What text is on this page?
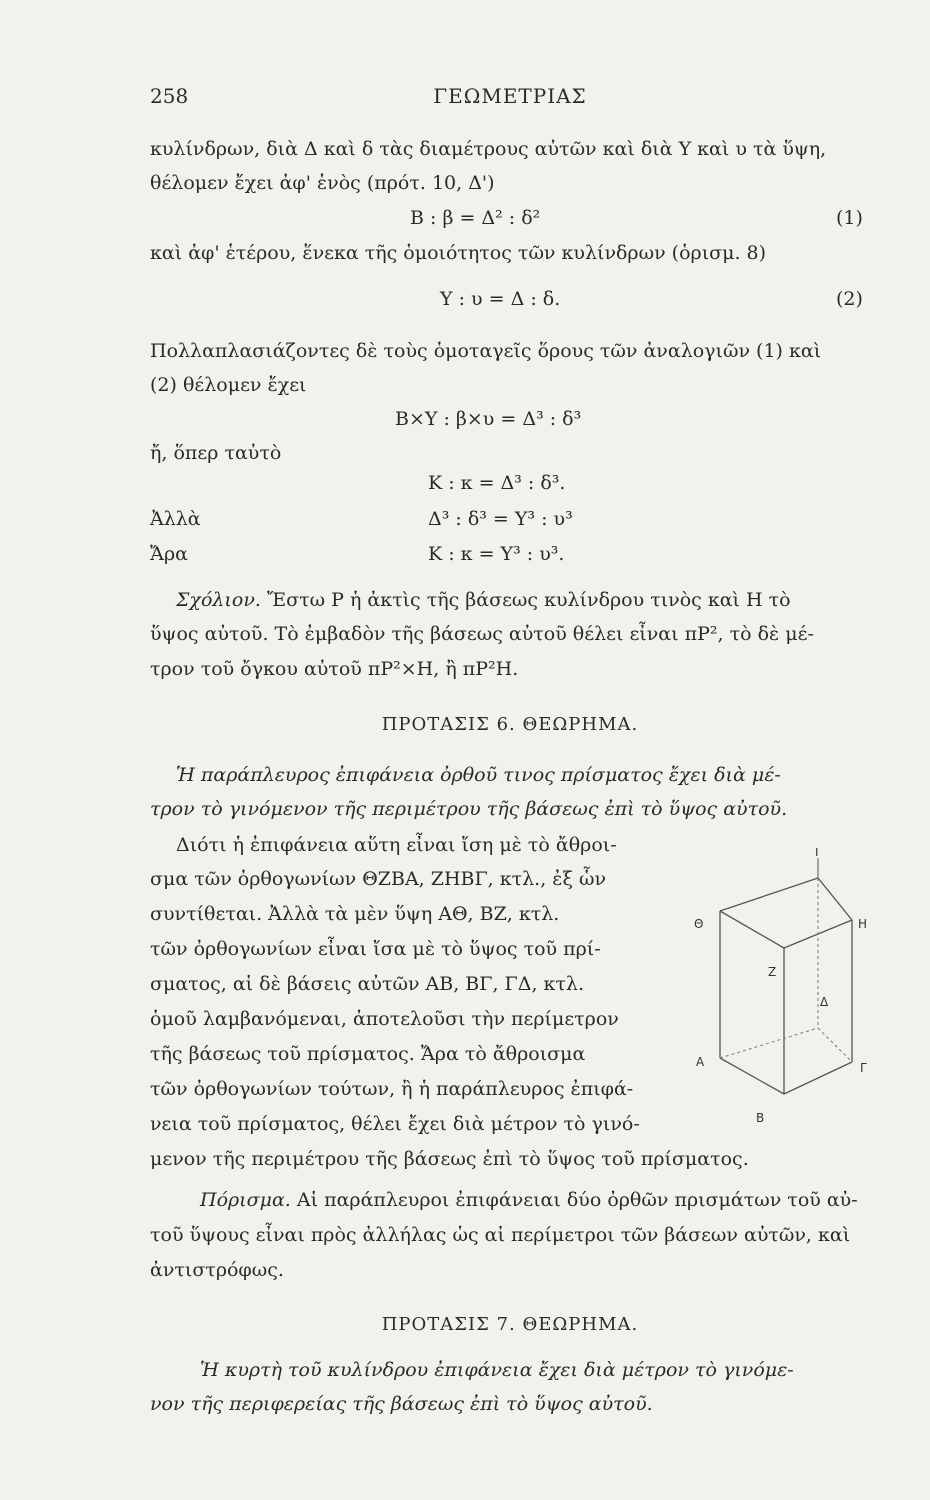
258	ΓΕΩΜΕΤΡΙΑΣ
κυλίνδρων, διὰ Δ καὶ δ τὰς διαμέτρους αὐτῶν καὶ διὰ Υ καὶ υ τὰ ὕψη,
θέλομεν ἔχει ἀφ' ἑνὸς (πρότ. 10, Δ')
Β : β = Δ² : δ²	(1)
καὶ ἀφ' ἑτέρου, ἕνεκα τῆς ὁμοιότητος τῶν κυλίνδρων (ὁρισμ. 8)
Υ : υ = Δ : δ.	(2)
Πολλαπλασιάζοντες δὲ τοὺς ὁμοταγεῖς ὅρους τῶν ἀναλογιῶν (1) καὶ
(2) θέλομεν ἔχει
Β×Υ : β×υ = Δ³ : δ³
ἤ, ὅπερ ταὐτὸ
Κ : κ = Δ³ : δ³.
Ἀλλὰ	Δ³ : δ³ = Υ³ : υ³
Ἄρα	Κ : κ = Υ³ : υ³.
Σχόλιον. Ἔστω Ρ ἡ ἀκτὶς τῆς βάσεως κυλίνδρου τινὸς καὶ Η τὸ
ὕψος αὐτοῦ. Τὸ ἐμβαδὸν τῆς βάσεως αὐτοῦ θέλει εἶναι πΡ², τὸ δὲ μέ-
τρον τοῦ ὄγκου αὐτοῦ πΡ²×Η, ἢ πΡ²Η.
ΠΡΟΤΑΣΙΣ 6. ΘΕΩΡΗΜΑ.
Ἡ παράπλευρος ἐπιφάνεια ὀρθοῦ τινος πρίσματος ἔχει διὰ μέ-
τρον τὸ γινόμενον τῆς περιμέτρου τῆς βάσεως ἐπὶ τὸ ὕψος αὐτοῦ.
Διότι ἡ ἐπιφάνεια αὕτη εἶναι ἴση μὲ τὸ ἄθροι-
σμα τῶν ὀρθογωνίων ΘΖΒΑ, ΖΗΒΓ, κτλ., ἐξ ὧν
συντίθεται. Ἀλλὰ τὰ μὲν ὕψη ΑΘ, ΒΖ, κτλ.
τῶν ὀρθογωνίων εἶναι ἴσα μὲ τὸ ὕψος τοῦ πρί-
σματος, αἱ δὲ βάσεις αὐτῶν ΑΒ, ΒΓ, ΓΔ, κτλ.
ὁμοῦ λαμβανόμεναι, ἀποτελοῦσι τὴν περίμετρον
τῆς βάσεως τοῦ πρίσματος. Ἄρα τὸ ἄθροισμα
τῶν ὀρθογωνίων τούτων, ἢ ἡ παράπλευρος ἐπιφά-
νεια τοῦ πρίσματος, θέλει ἔχει διὰ μέτρον τὸ γινό-
μενον τῆς περιμέτρου τῆς βάσεως ἐπὶ τὸ ὕψος τοῦ πρίσματος.
Πόρισμα. Αἱ παράπλευροι ἐπιφάνειαι δύο ὀρθῶν πρισμάτων τοῦ αὐ-
τοῦ ὕψους εἶναι πρὸς ἀλλήλας ὡς αἱ περίμετροι τῶν βάσεων αὐτῶν, καὶ
ἀντιστρόφως.
ΠΡΟΤΑΣΙΣ 7. ΘΕΩΡΗΜΑ.
Ἡ κυρτὴ τοῦ κυλίνδρου ἐπιφάνεια ἔχει διὰ μέτρον τὸ γινόμε-
νον τῆς περιφερείας τῆς βάσεως ἐπὶ τὸ ὕψος αὐτοῦ.
I
Θ	Η
Ζ
Δ
Α	Γ
Β
